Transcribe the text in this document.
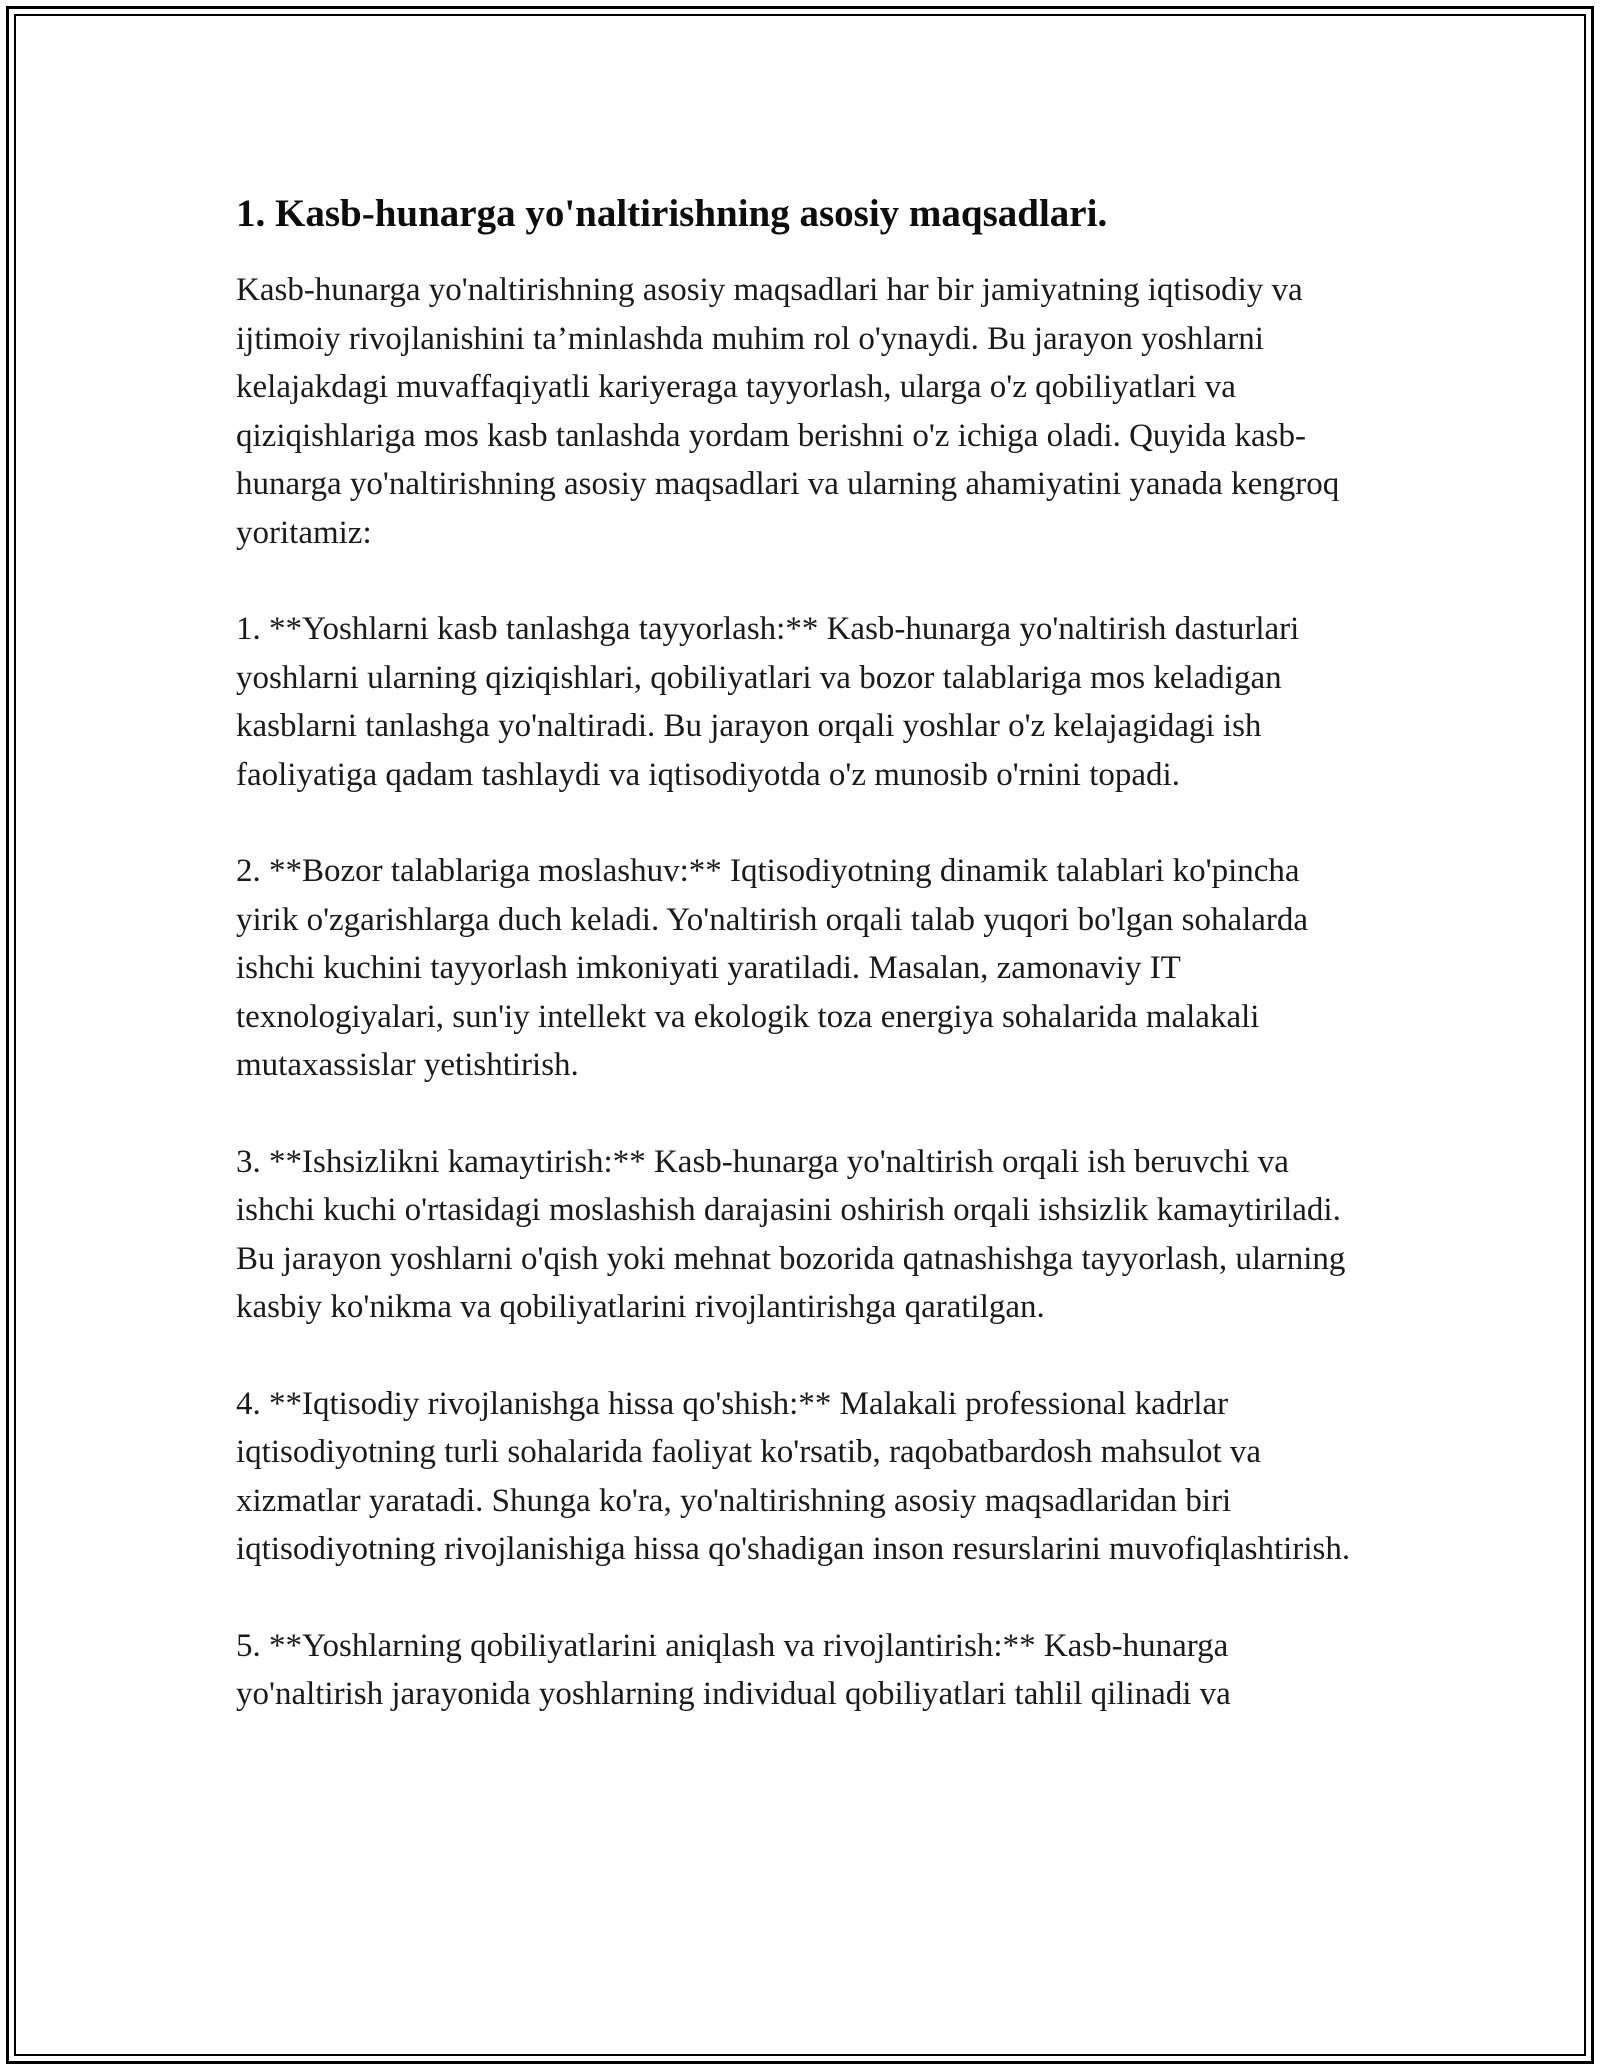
1. Kasb-hunarga yo'naltirishning asosiy maqsadlari.

Kasb-hunarga yo'naltirishning asosiy maqsadlari har bir jamiyatning iqtisodiy va ijtimoiy rivojlanishini ta’minlashda muhim rol o'ynaydi. Bu jarayon yoshlarni kelajakdagi muvaffaqiyatli kariyeraga tayyorlash, ularga o'z qobiliyatlari va qiziqishlariga mos kasb tanlashda yordam berishni o'z ichiga oladi. Quyida kasb-hunarga yo'naltirishning asosiy maqsadlari va ularning ahamiyatini yanada kengroq yoritamiz:

1. **Yoshlarni kasb tanlashga tayyorlash:** Kasb-hunarga yo'naltirish dasturlari yoshlarni ularning qiziqishlari, qobiliyatlari va bozor talablariga mos keladigan kasblarni tanlashga yo'naltiradi. Bu jarayon orqali yoshlar o'z kelajagidagi ish faoliyatiga qadam tashlaydi va iqtisodiyotda o'z munosib o'rnini topadi.

2. **Bozor talablariga moslashuv:** Iqtisodiyotning dinamik talablari ko'pincha yirik o'zgarishlarga duch keladi. Yo'naltirish orqali talab yuqori bo'lgan sohalarda ishchi kuchini tayyorlash imkoniyati yaratiladi. Masalan, zamonaviy IT texnologiyalari, sun'iy intellekt va ekologik toza energiya sohalarida malakali mutaxassislar yetishtirish.

3. **Ishsizlikni kamaytirish:** Kasb-hunarga yo'naltirish orqali ish beruvchi va ishchi kuchi o'rtasidagi moslashish darajasini oshirish orqali ishsizlik kamaytiriladi. Bu jarayon yoshlarni o'qish yoki mehnat bozorida qatnashishga tayyorlash, ularning kasbiy ko'nikma va qobiliyatlarini rivojlantirishga qaratilgan.

4. **Iqtisodiy rivojlanishga hissa qo'shish:** Malakali professional kadrlar iqtisodiyotning turli sohalarida faoliyat ko'rsatib, raqobatbardosh mahsulot va xizmatlar yaratadi. Shunga ko'ra, yo'naltirishning asosiy maqsadlaridan biri iqtisodiyotning rivojlanishiga hissa qo'shadigan inson resurslarini muvofiqlashtirish.

5. **Yoshlarning qobiliyatlarini aniqlash va rivojlantirish:** Kasb-hunarga yo'naltirish jarayonida yoshlarning individual qobiliyatlari tahlil qilinadi va
